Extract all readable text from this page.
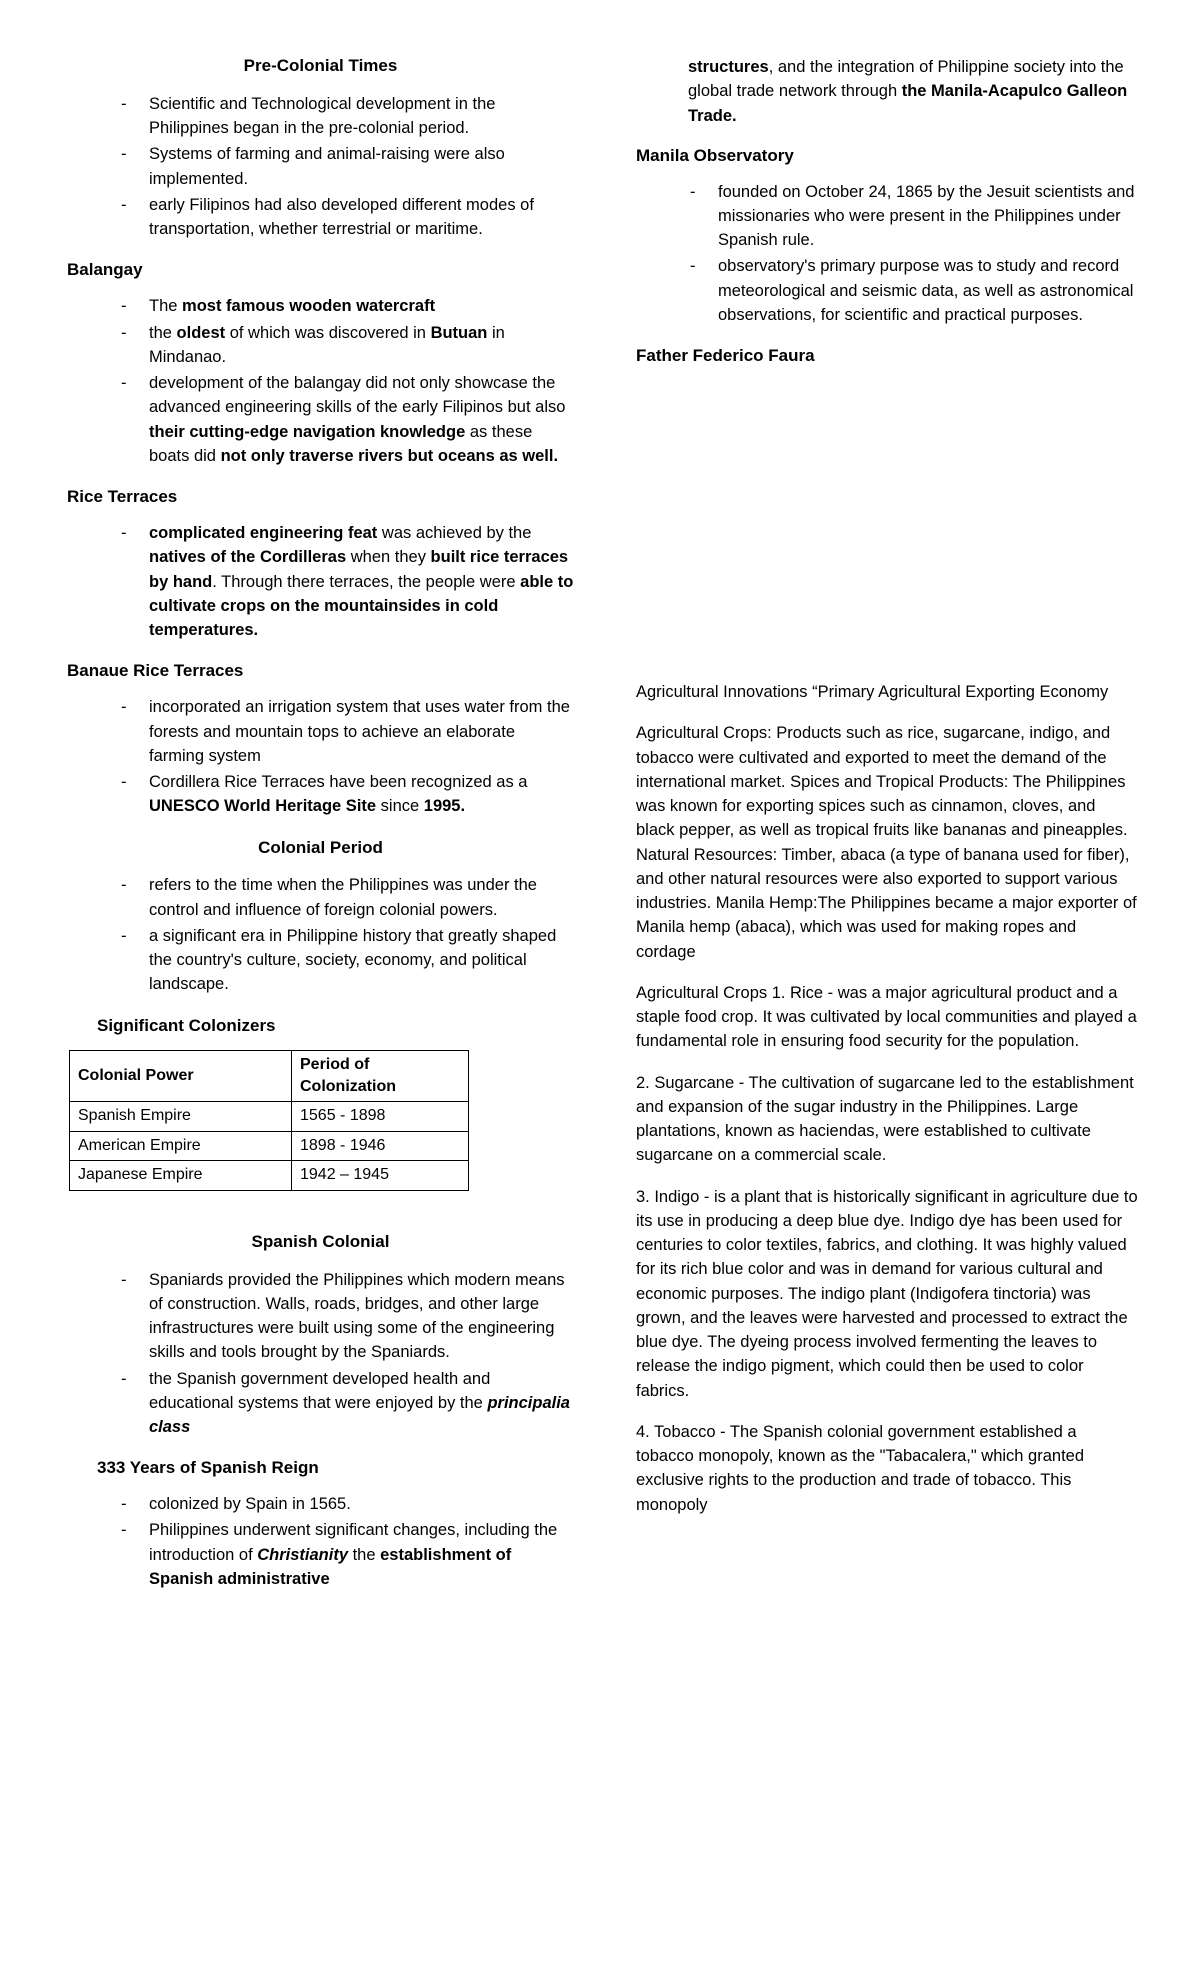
Pre-Colonial Times
- Scientific and Technological development in the Philippines began in the pre-colonial period.
- Systems of farming and animal-raising were also implemented.
- early Filipinos had also developed different modes of transportation, whether terrestrial or maritime.
Balangay
- The most famous wooden watercraft
- the oldest of which was discovered in Butuan in Mindanao.
- development of the balangay did not only showcase the advanced engineering skills of the early Filipinos but also their cutting-edge navigation knowledge as these boats did not only traverse rivers but oceans as well.
Rice Terraces
- complicated engineering feat was achieved by the natives of the Cordilleras when they built rice terraces by hand. Through there terraces, the people were able to cultivate crops on the mountainsides in cold temperatures.
Banaue Rice Terraces
- incorporated an irrigation system that uses water from the forests and mountain tops to achieve an elaborate farming system
- Cordillera Rice Terraces have been recognized as a UNESCO World Heritage Site since 1995.
Colonial Period
- refers to the time when the Philippines was under the control and influence of foreign colonial powers.
- a significant era in Philippine history that greatly shaped the country's culture, society, economy, and political landscape.
Significant Colonizers
Colonial Power	Period of Colonization
Spanish Empire	1565 - 1898
American Empire	1898 - 1946
Japanese Empire	1942 – 1945
Spanish Colonial
- Spaniards provided the Philippines which modern means of construction. Walls, roads, bridges, and other large infrastructures were built using some of the engineering skills and tools brought by the Spaniards.
- the Spanish government developed health and educational systems that were enjoyed by the principalia class
333 Years of Spanish Reign
- colonized by Spain in 1565.
- Philippines underwent significant changes, including the introduction of Christianity the establishment of Spanish administrative

structures, and the integration of Philippine society into the global trade network through the Manila-Acapulco Galleon Trade.

Manila Observatory
- founded on October 24, 1865 by the Jesuit scientists and missionaries who were present in the Philippines under Spanish rule.
- observatory's primary purpose was to study and record meteorological and seismic data, as well as astronomical observations, for scientific and practical purposes.
Father Federico Faura

Agricultural Innovations “Primary Agricultural Exporting Economy

Agricultural Crops: Products such as rice, sugarcane, indigo, and tobacco were cultivated and exported to meet the demand of the international market. Spices and Tropical Products: The Philippines was known for exporting spices such as cinnamon, cloves, and black pepper, as well as tropical fruits like bananas and pineapples. Natural Resources: Timber, abaca (a type of banana used for fiber), and other natural resources were also exported to support various industries. Manila Hemp:The Philippines became a major exporter of Manila hemp (abaca), which was used for making ropes and cordage

Agricultural Crops 1. Rice - was a major agricultural product and a staple food crop. It was cultivated by local communities and played a fundamental role in ensuring food security for the population.

2. Sugarcane - The cultivation of sugarcane led to the establishment and expansion of the sugar industry in the Philippines. Large plantations, known as haciendas, were established to cultivate sugarcane on a commercial scale.

3. Indigo - is a plant that is historically significant in agriculture due to its use in producing a deep blue dye. Indigo dye has been used for centuries to color textiles, fabrics, and clothing. It was highly valued for its rich blue color and was in demand for various cultural and economic purposes. The indigo plant (Indigofera tinctoria) was grown, and the leaves were harvested and processed to extract the blue dye. The dyeing process involved fermenting the leaves to release the indigo pigment, which could then be used to color fabrics.

4. Tobacco - The Spanish colonial government established a tobacco monopoly, known as the "Tabacalera," which granted exclusive rights to the production and trade of tobacco. This monopoly
